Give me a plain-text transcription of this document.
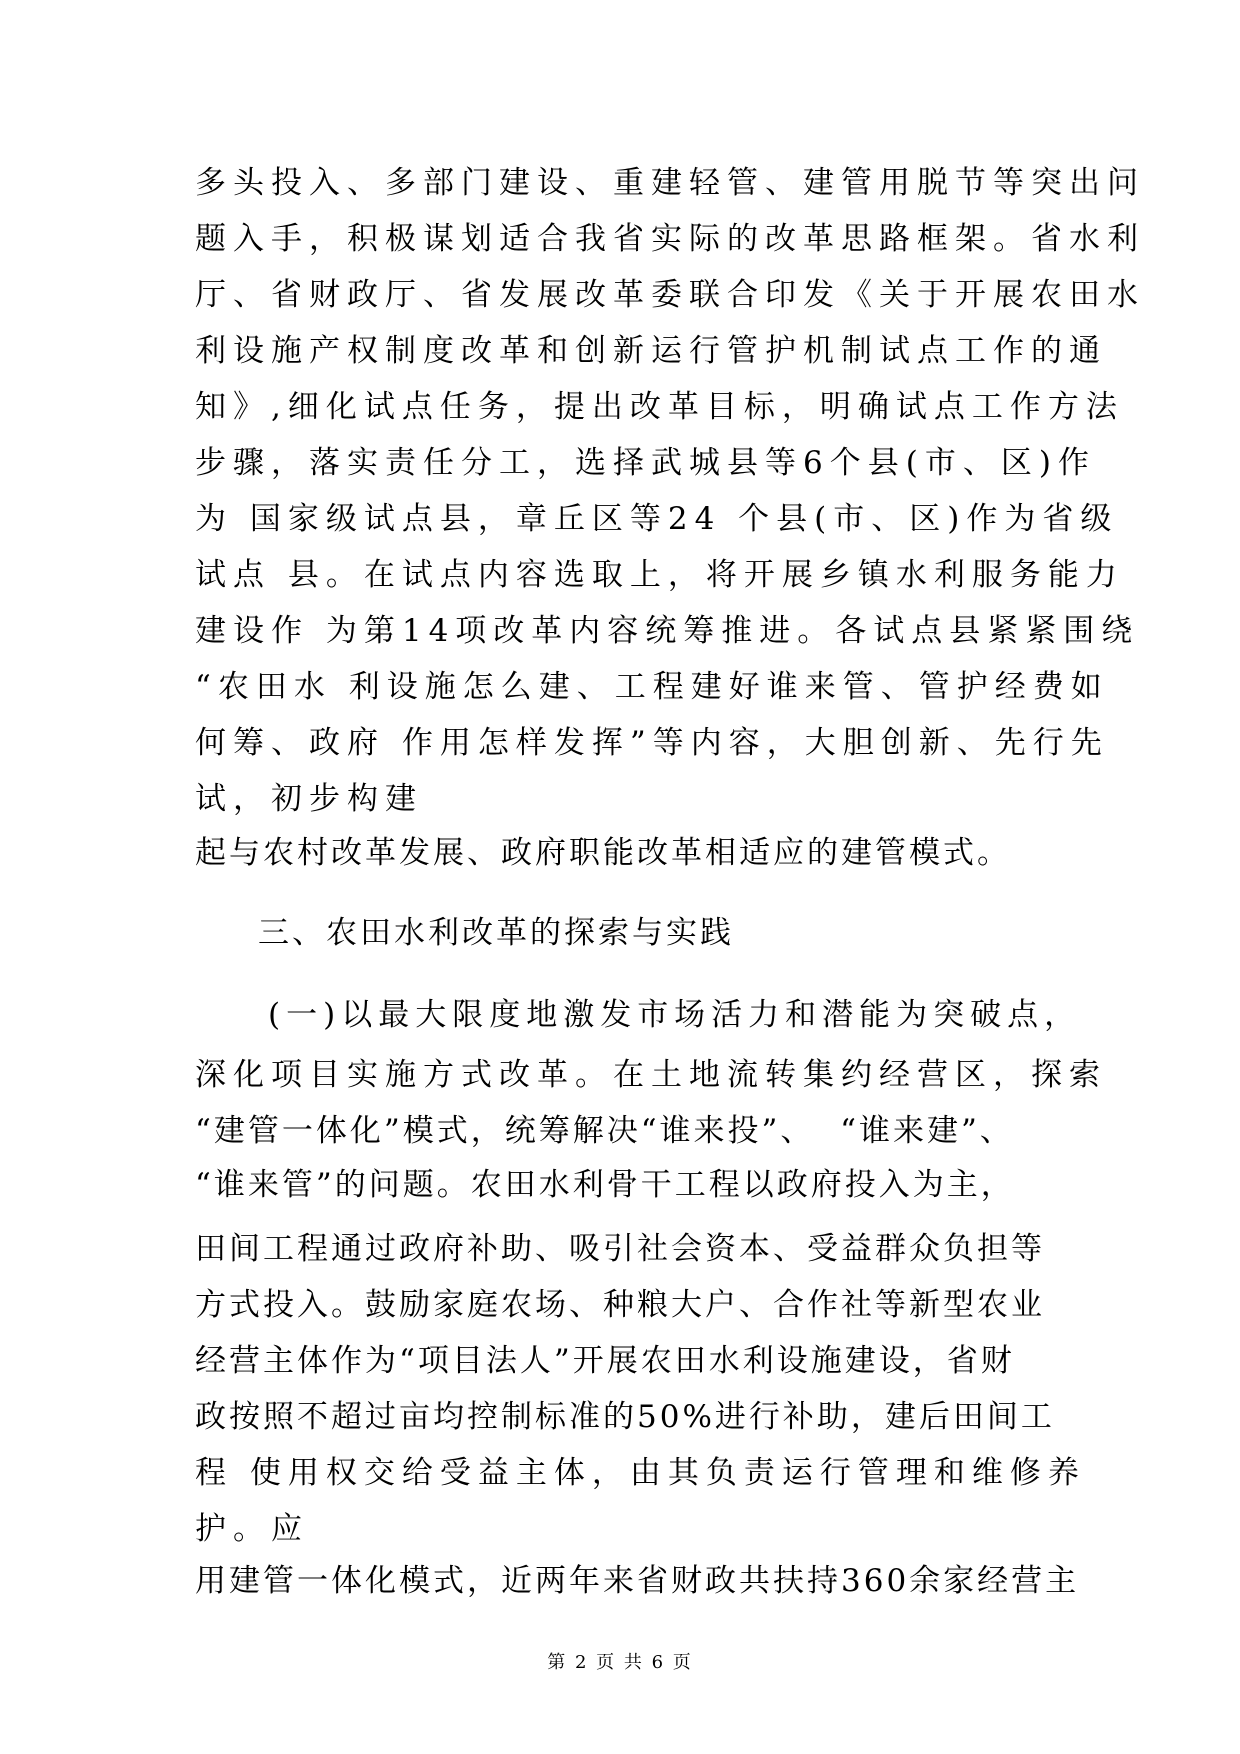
多头投入、多部门建设、重建轻管、建管用脱节等突出问
题入手，积极谋划适合我省实际的改革思路框架。省水利
厅、省财政厅、省发展改革委联合印发《关于开展农田水
利设施产权制度改革和创新运行管护机制试点工作的通
知》,细化试点任务，提出改革目标，明确试点工作方法
步骤，落实责任分工，选择武城县等6个县(市、区)作
为 国家级试点县，章丘区等24 个县(市、区)作为省级
试点 县。在试点内容选取上，将开展乡镇水利服务能力
建设作 为第14项改革内容统筹推进。各试点县紧紧围绕
“农田水 利设施怎么建、工程建好谁来管、管护经费如
何筹、政府 作用怎样发挥”等内容，大胆创新、先行先
试，初步构建
起与农村改革发展、政府职能改革相适应的建管模式。
三、农田水利改革的探索与实践
(一)以最大限度地激发市场活力和潜能为突破点，
深化项目实施方式改革。在土地流转集约经营区，探索
“建管一体化”模式，统筹解决“谁来投”、  “谁来建”、
“谁来管”的问题。农田水利骨干工程以政府投入为主，
田间工程通过政府补助、吸引社会资本、受益群众负担等
方式投入。鼓励家庭农场、种粮大户、合作社等新型农业
经营主体作为“项目法人”开展农田水利设施建设，省财
政按照不超过亩均控制标准的50%进行补助，建后田间工
程 使用权交给受益主体，由其负责运行管理和维修养
护。应
用建管一体化模式，近两年来省财政共扶持360余家经营主
第 2 页 共 6 页
